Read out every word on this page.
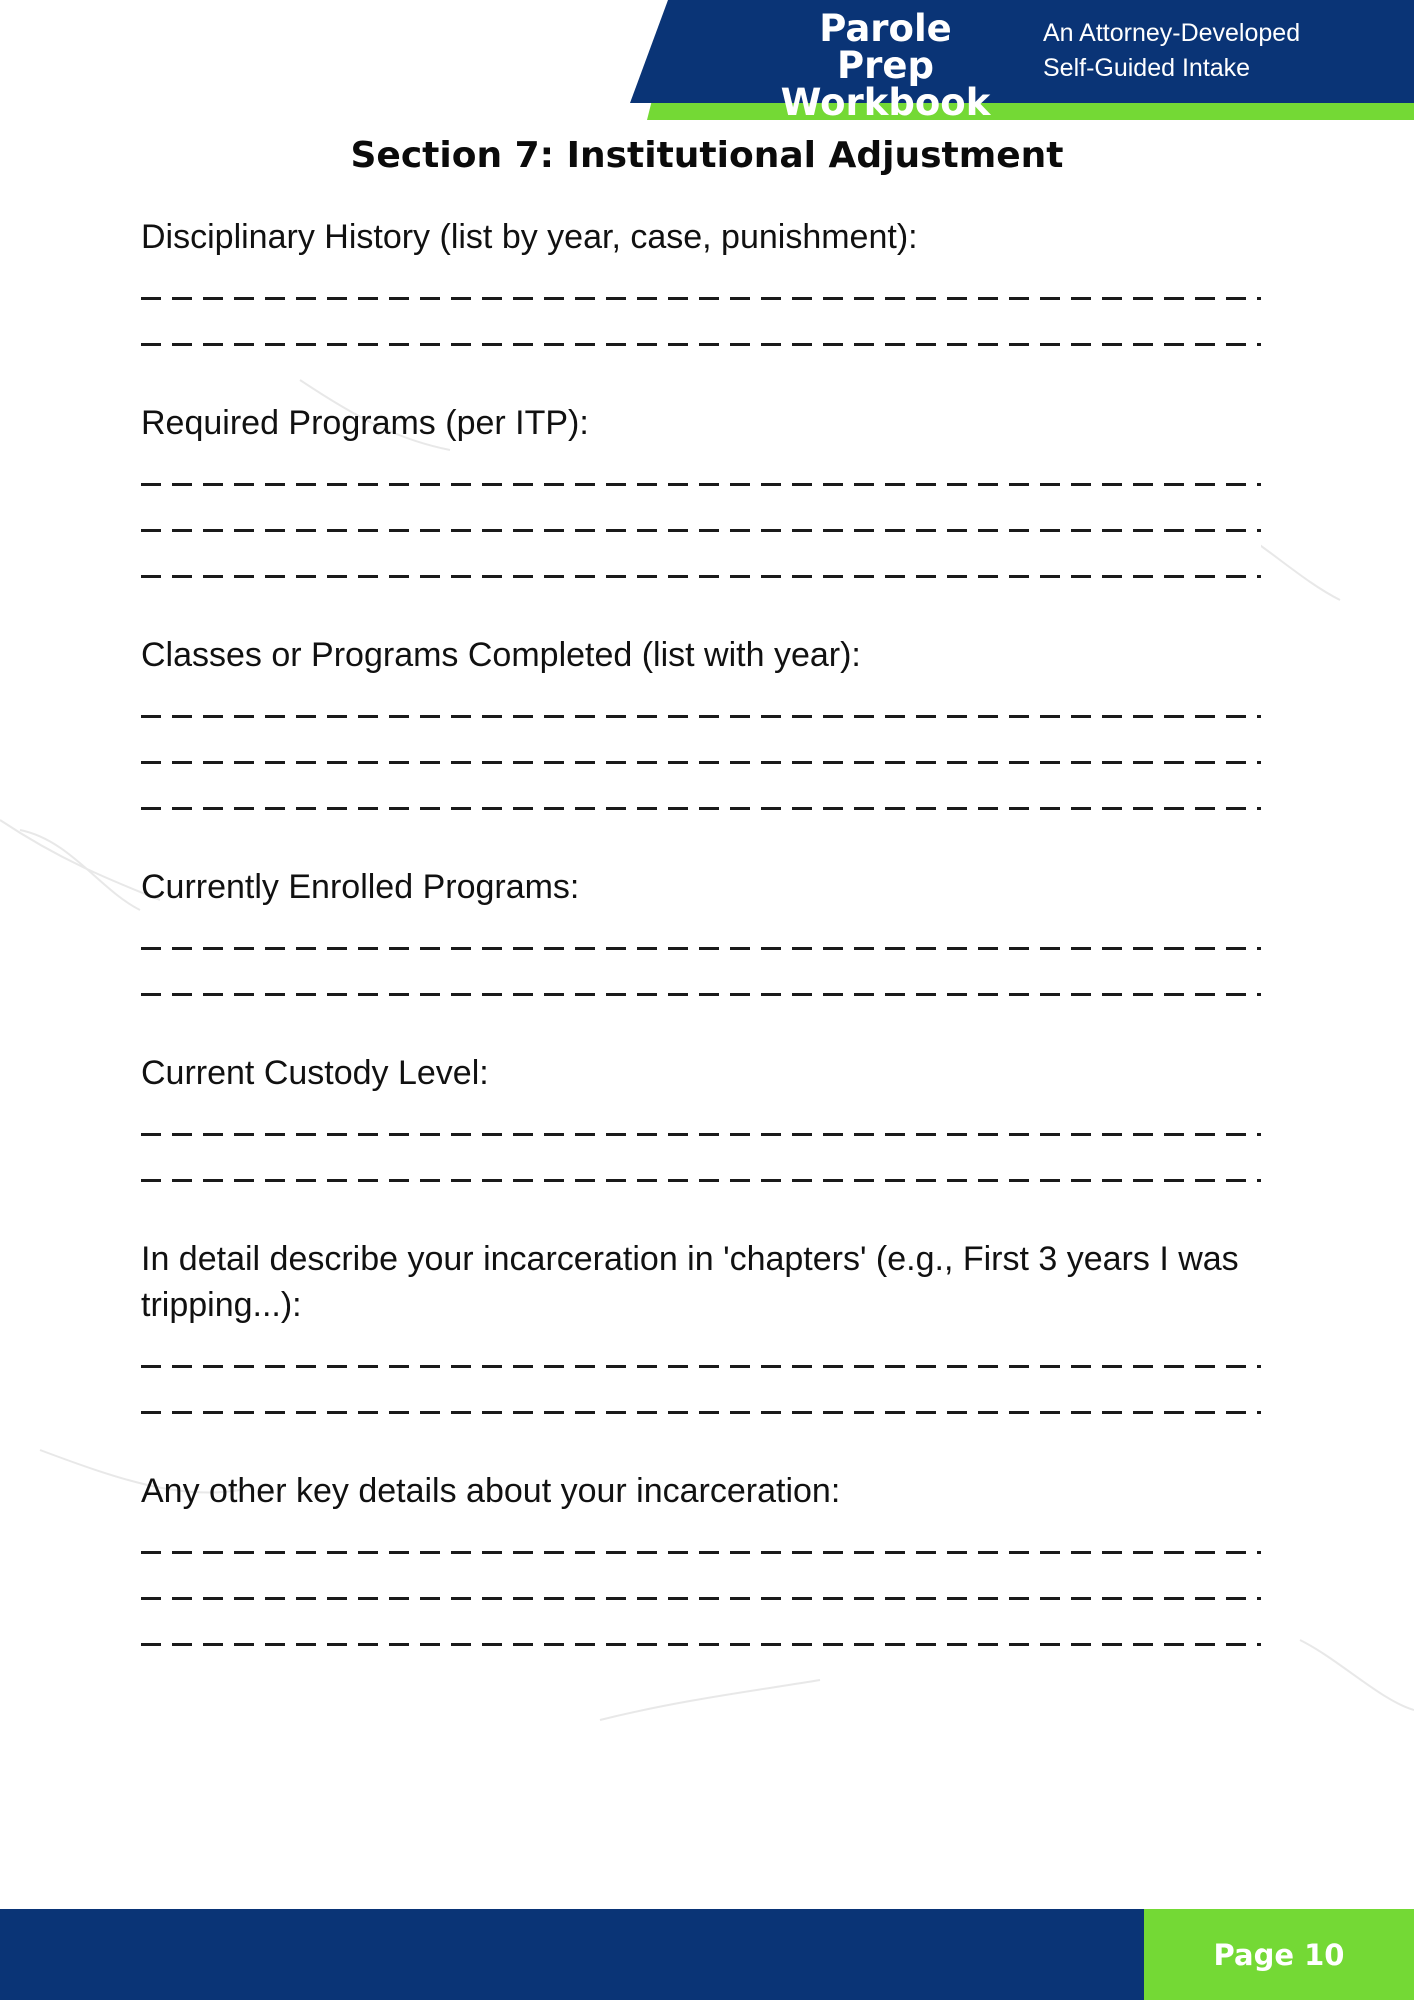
Parole Prep
Workbook
An Attorney-Developed
Self-Guided Intake
Section 7: Institutional Adjustment

Disciplinary History (list by year, case, punishment):

Required Programs (per ITP):

Classes or Programs Completed (list with year):

Currently Enrolled Programs:

Current Custody Level:

In detail describe your incarceration in 'chapters' (e.g., First 3 years I was tripping...):

Any other key details about your incarceration:

Page 10
